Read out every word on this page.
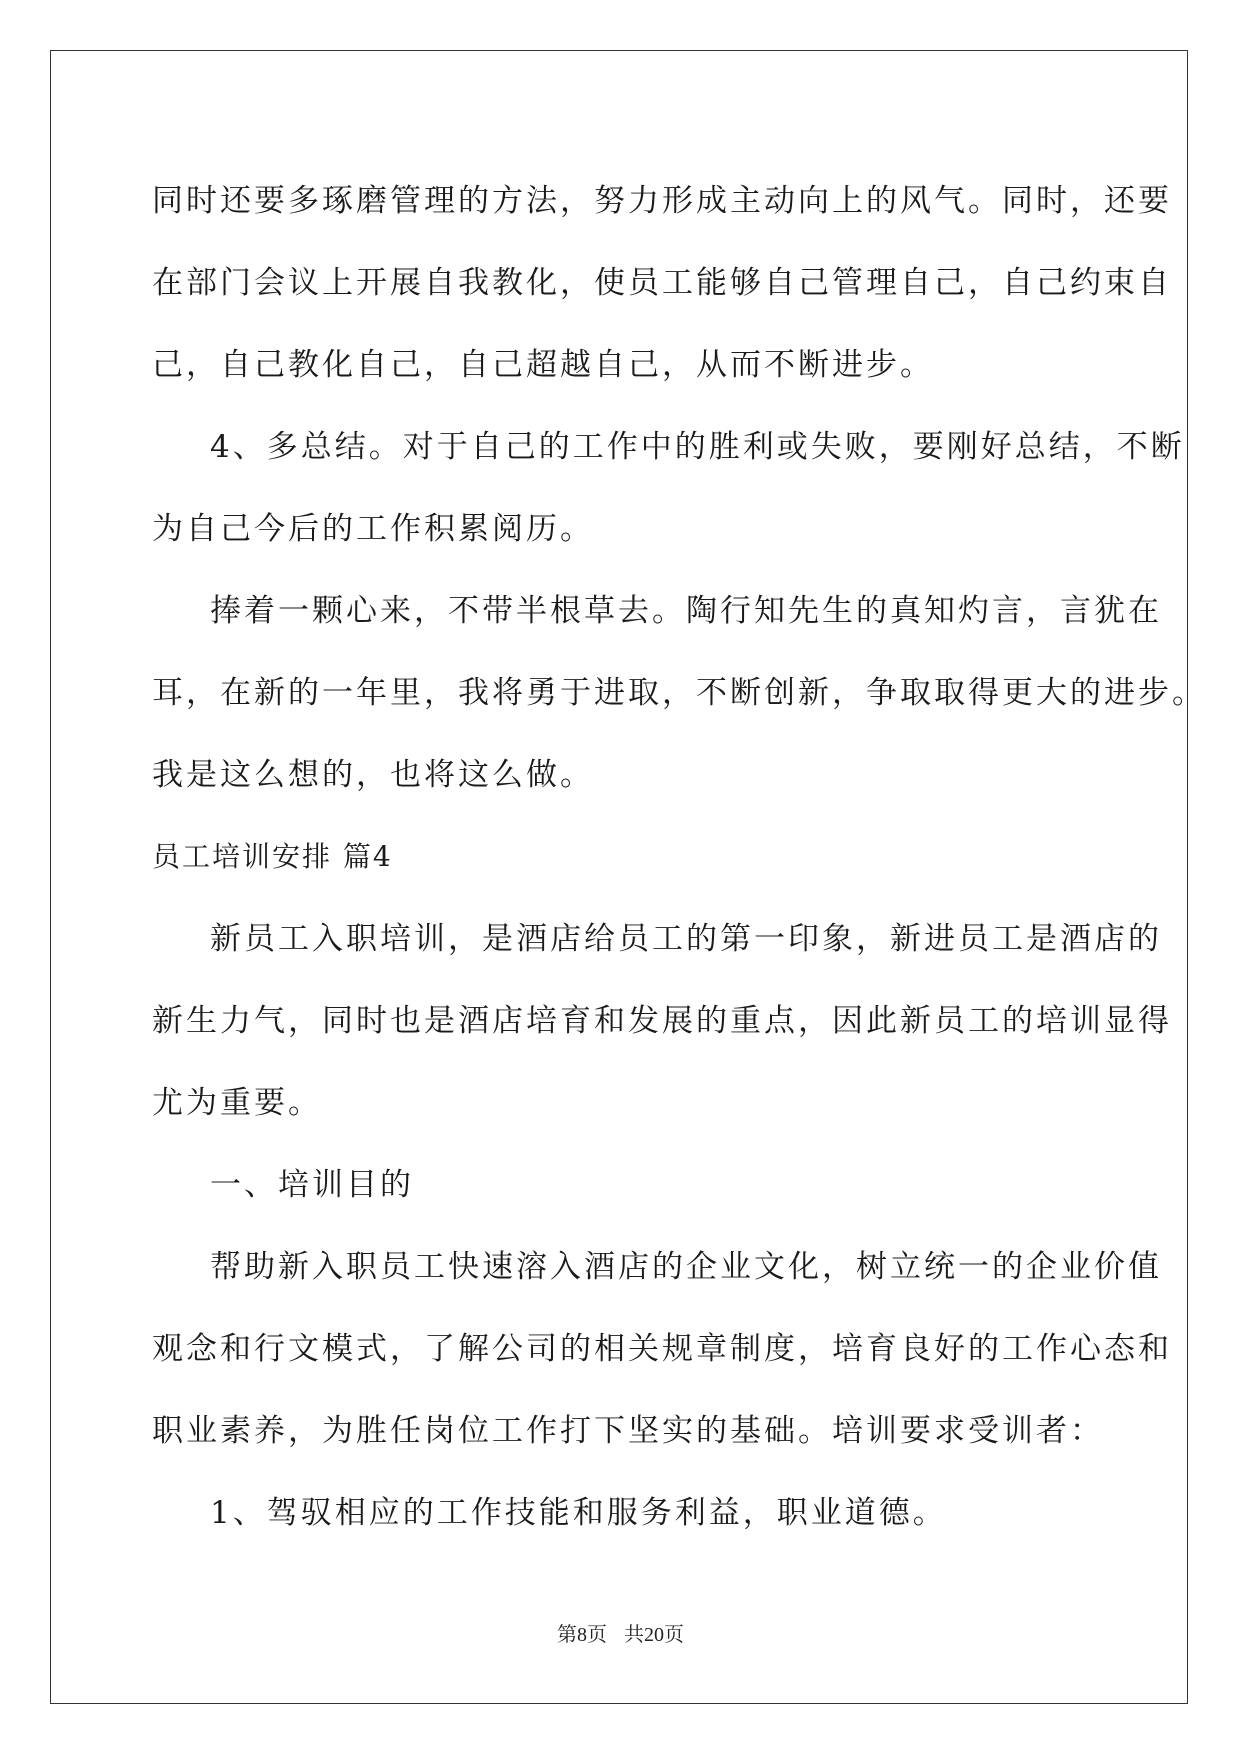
同时还要多琢磨管理的方法，努力形成主动向上的风气。同时，还要
在部门会议上开展自我教化，使员工能够自己管理自己，自己约束自
己，自己教化自己，自己超越自己，从而不断进步。
4、多总结。对于自己的工作中的胜利或失败，要刚好总结，不断
为自己今后的工作积累阅历。
捧着一颗心来，不带半根草去。陶行知先生的真知灼言，言犹在
耳，在新的一年里，我将勇于进取，不断创新，争取取得更大的进步。
我是这么想的，也将这么做。
员工培训安排 篇4
新员工入职培训，是酒店给员工的第一印象，新进员工是酒店的
新生力气，同时也是酒店培育和发展的重点，因此新员工的培训显得
尤为重要。
一、培训目的
帮助新入职员工快速溶入酒店的企业文化，树立统一的企业价值
观念和行文模式，了解公司的相关规章制度，培育良好的工作心态和
职业素养，为胜任岗位工作打下坚实的基础。培训要求受训者：
1、驾驭相应的工作技能和服务利益，职业道德。
第8页 共20页
